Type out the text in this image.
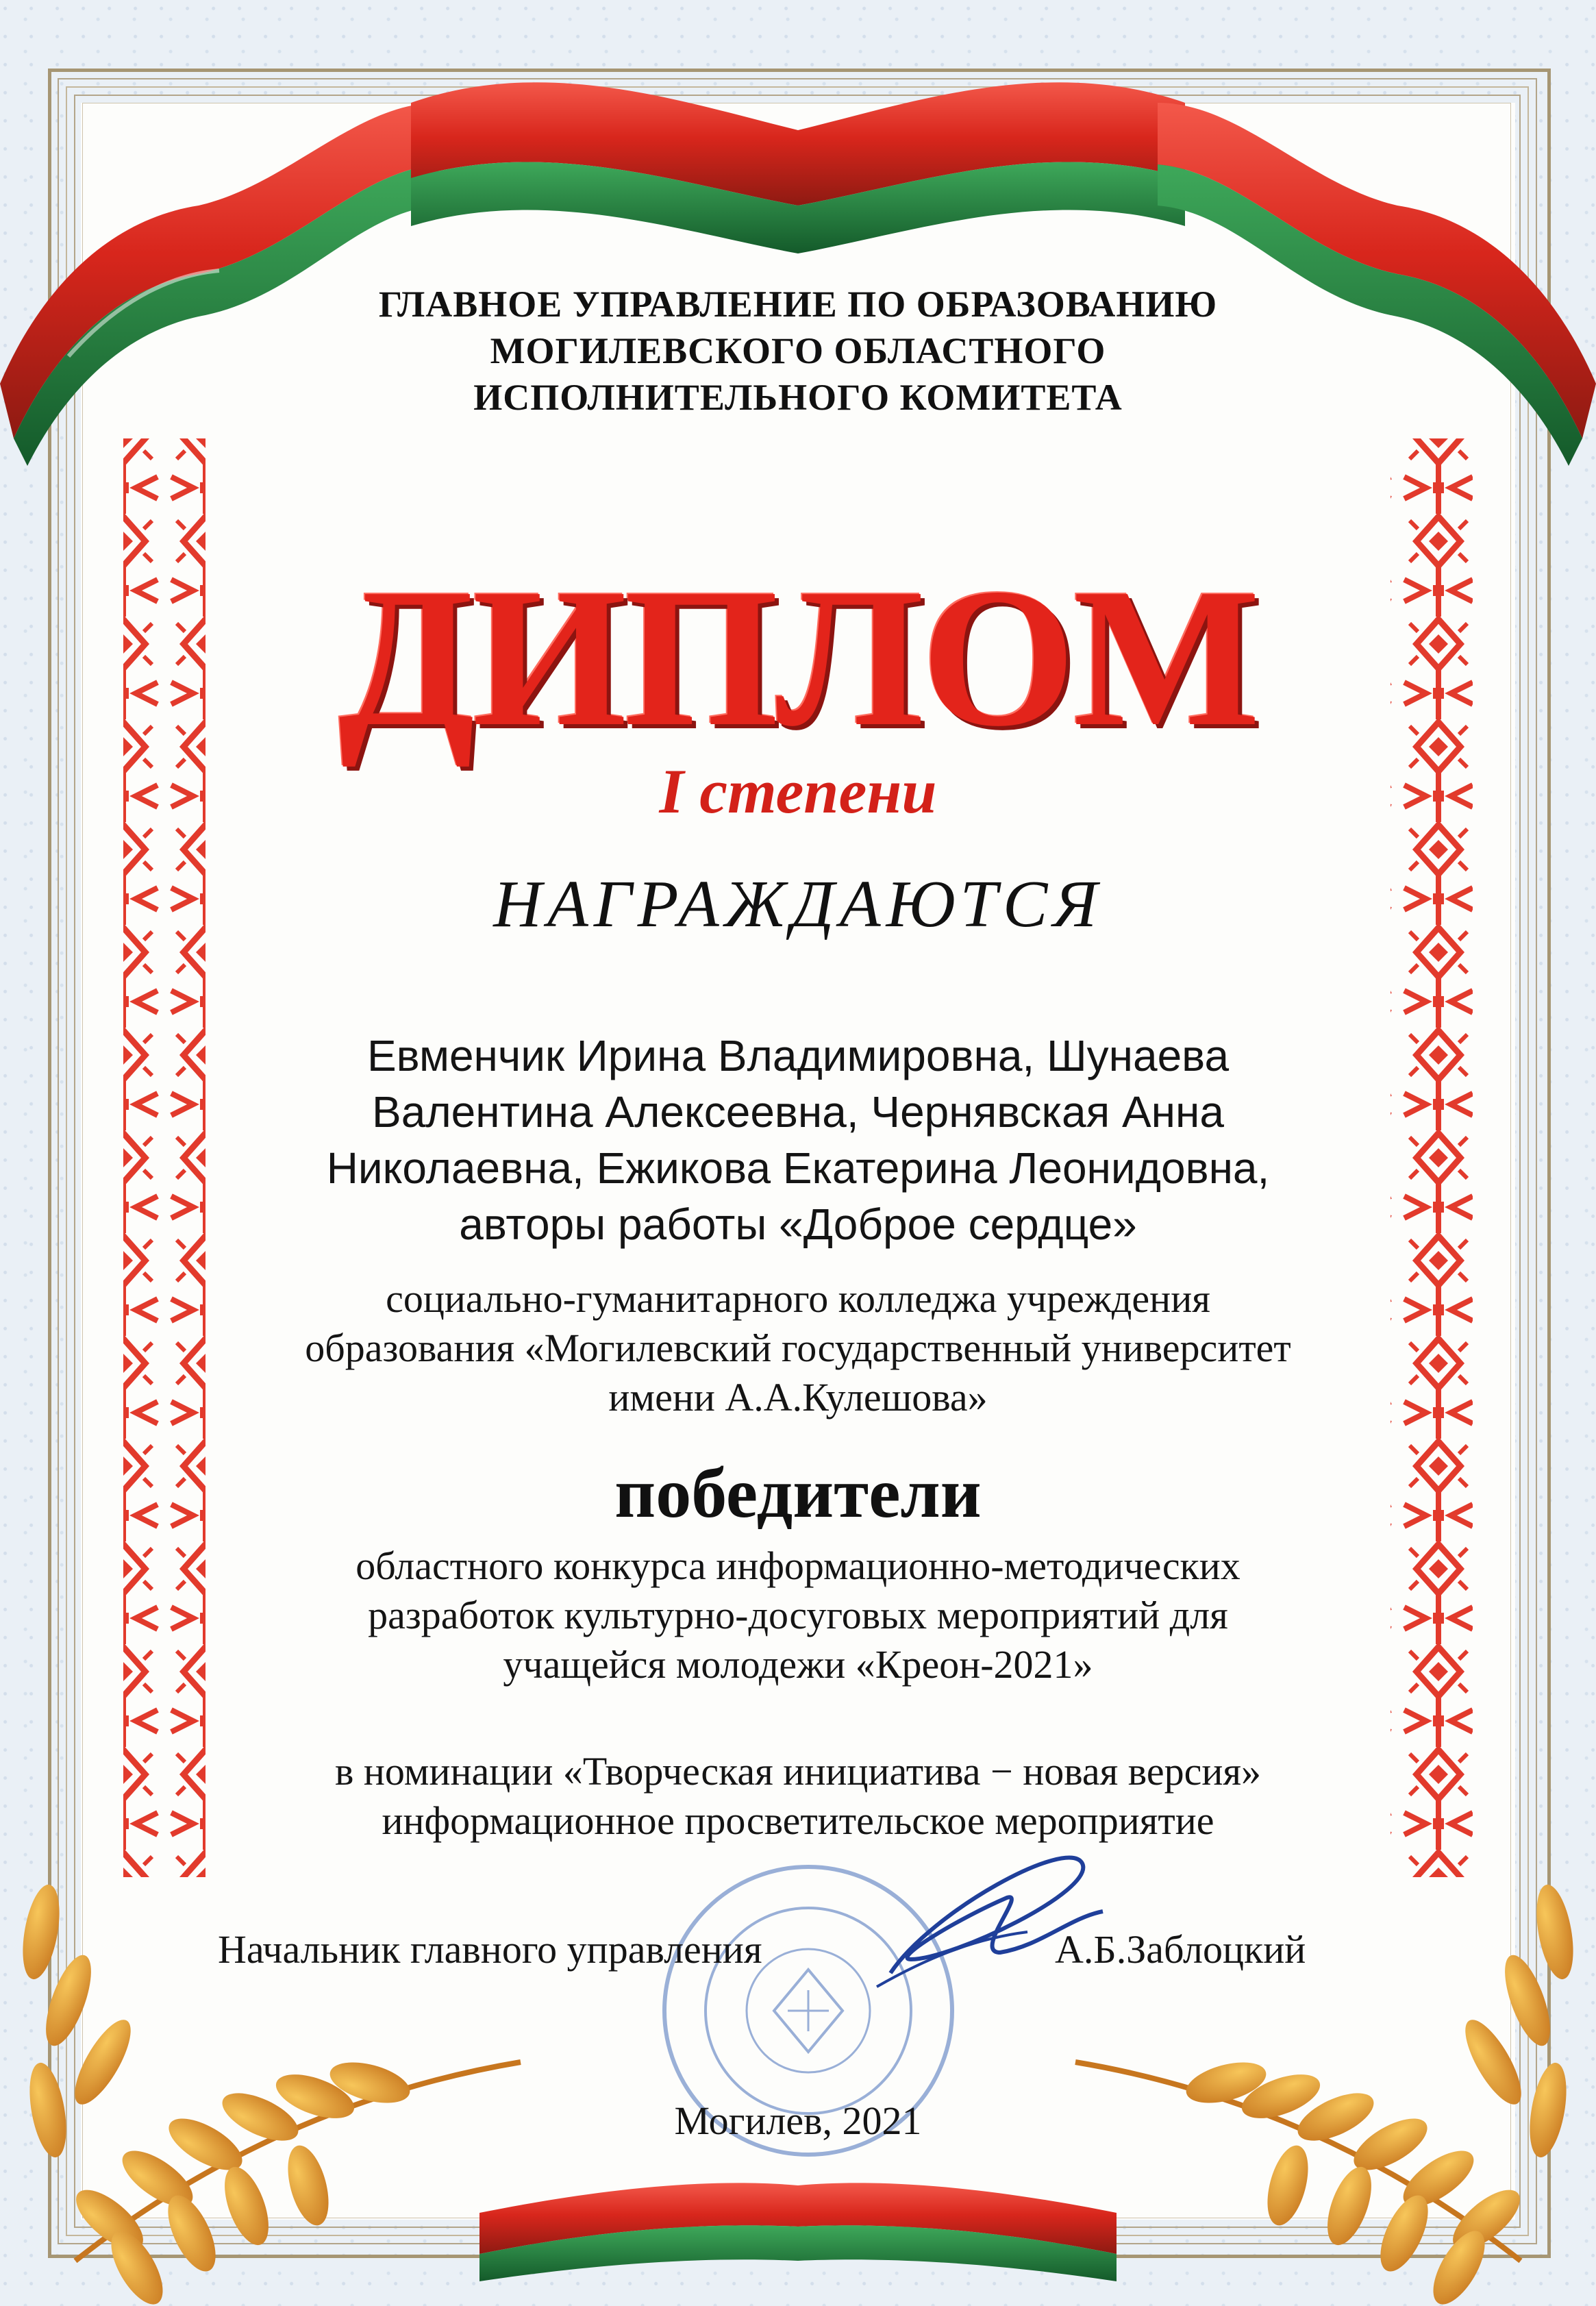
ГЛАВНОЕ УПРАВЛЕНИЕ ПО ОБРАЗОВАНИЮ
МОГИЛЕВСКОГО ОБЛАСТНОГО
ИСПОЛНИТЕЛЬНОГО КОМИТЕТА
ДИПЛОМ
I степени
НАГРАЖДАЮТСЯ
Евменчик Ирина Владимировна, Шунаева
Валентина Алексеевна, Чернявская Анна
Николаевна, Ежикова Екатерина Леонидовна,
авторы работы «Доброе сердце»
социально-гуманитарного колледжа учреждения
образования «Могилевский государственный университет
имени А.А.Кулешова»
победители
областного конкурса информационно-методических
разработок культурно-досуговых мероприятий для
учащейся молодежи «Креон-2021»
в номинации «Творческая инициатива − новая версия»
информационное просветительское мероприятие
Начальник главного управления	А.Б.Заблоцкий
Могилев, 2021
